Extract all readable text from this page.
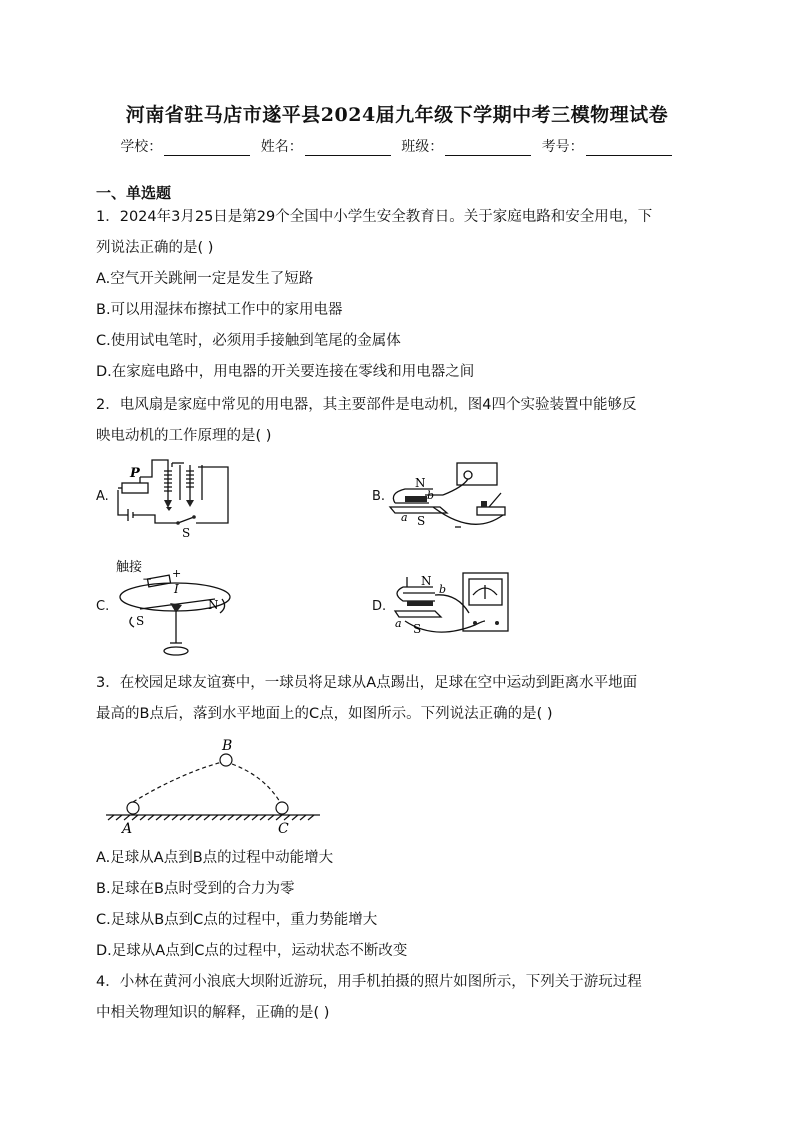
河南省驻马店市遂平县2024届九年级下学期中考三模物理试卷
学校：	姓名：	班级：	考号：
一、单选题
1．2024年3月25日是第29个全国中小学生安全教育日。关于家庭电路和安全用电，下
列说法正确的是( )
A.空气开关跳闸一定是发生了短路
B.可以用湿抹布擦拭工作中的家用电器
C.使用试电笔时，必须用手接触到笔尾的金属体
D.在家庭电路中，用电器的开关要连接在零线和用电器之间
2．电风扇是家庭中常见的用电器，其主要部件是电动机，图4四个实验装置中能够反
映电动机的工作原理的是( )
A.
P
S
B.
N
b
a S
C.
触接
− +
I
N
S
D.
N
b
a S
3．在校园足球友谊赛中，一球员将足球从A点踢出，足球在空中运动到距离水平地面
最高的B点后，落到水平地面上的C点，如图所示。下列说法正确的是( )
A
B
C
A.足球从A点到B点的过程中动能增大
B.足球在B点时受到的合力为零
C.足球从B点到C点的过程中，重力势能增大
D.足球从A点到C点的过程中，运动状态不断改变
4．小林在黄河小浪底大坝附近游玩，用手机拍摄的照片如图所示，下列关于游玩过程
中相关物理知识的解释，正确的是( )
